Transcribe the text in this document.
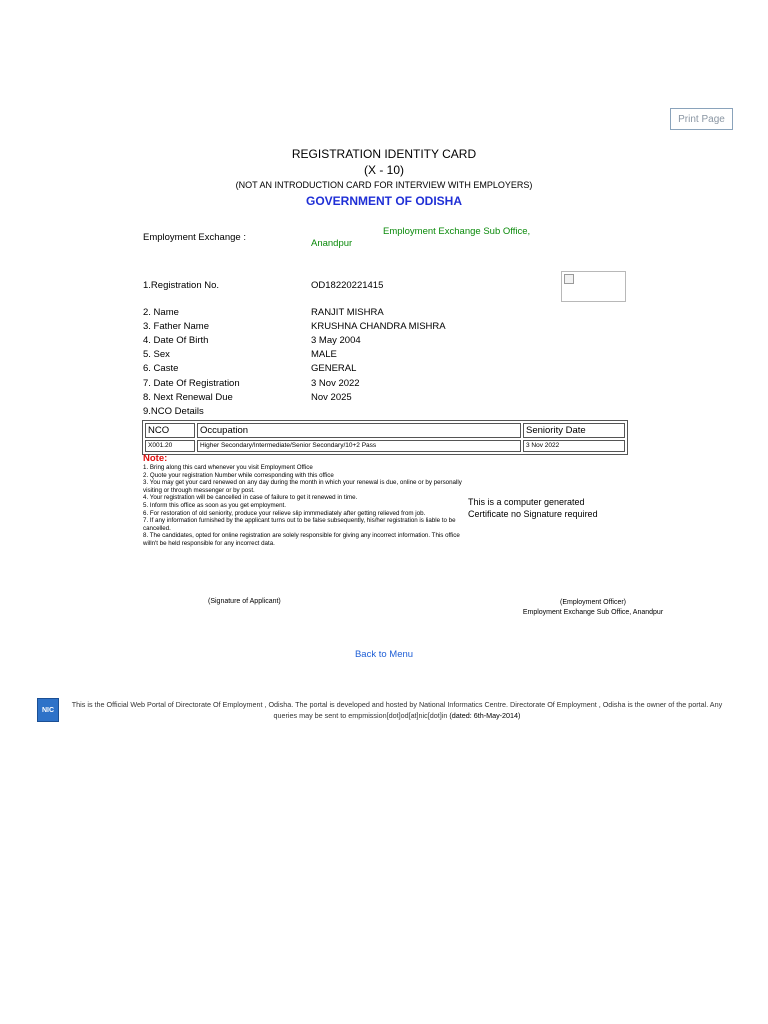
Print Page
REGISTRATION IDENTITY CARD
(X - 10)
(NOT AN INTRODUCTION CARD FOR INTERVIEW WITH EMPLOYERS)
GOVERNMENT OF ODISHA
Employment Exchange :
Employment Exchange Sub Office,
Anandpur
1.Registration No.	OD18220221415
2. Name	RANJIT MISHRA
3. Father Name	KRUSHNA CHANDRA MISHRA
4. Date Of Birth	3 May 2004
5. Sex	MALE
6. Caste	GENERAL
7. Date Of Registration	3 Nov 2022
8. Next Renewal Due	Nov 2025
9.NCO Details
NCO	Occupation	Seniority Date
X001.20	Higher Secondary/Intermediate/Senior Secondary/10+2 Pass	3 Nov 2022
Note:
1. Bring along this card whenever you visit Employment Office
2. Quote your registration Number while corresponding with this office
3. You may get your card renewed on any day during the month in which your renewal is due, online or by personally visiting or through messenger or by post.
4. Your registration will be cancelled in case of failure to get it renewed in time.
5. Inform this office as soon as you get employment.
6. For restoration of old seniority, produce your relieve slip immmediately after getting relieved from job.
7. If any information furnished by the applicant turns out to be false subsequently, his/her registration is liable to be cancelled.
8. The candidates, opted for online registration are solely responsible for giving any incorrect information. This office willn't be held responsible for any incorrect data.
This is a computer generated
Certificate no Signature required
(Signature of Applicant)	(Employment Officer)
Employment Exchange Sub Office, Anandpur
Back to Menu
NIC
This is the Official Web Portal of Directorate Of Employment , Odisha. The portal is developed and hosted by National Informatics Centre. Directorate Of Employment , Odisha is the owner of the portal. Any queries may be sent to empmission[dot]od[at]nic[dot]in (dated: 6th-May-2014)
